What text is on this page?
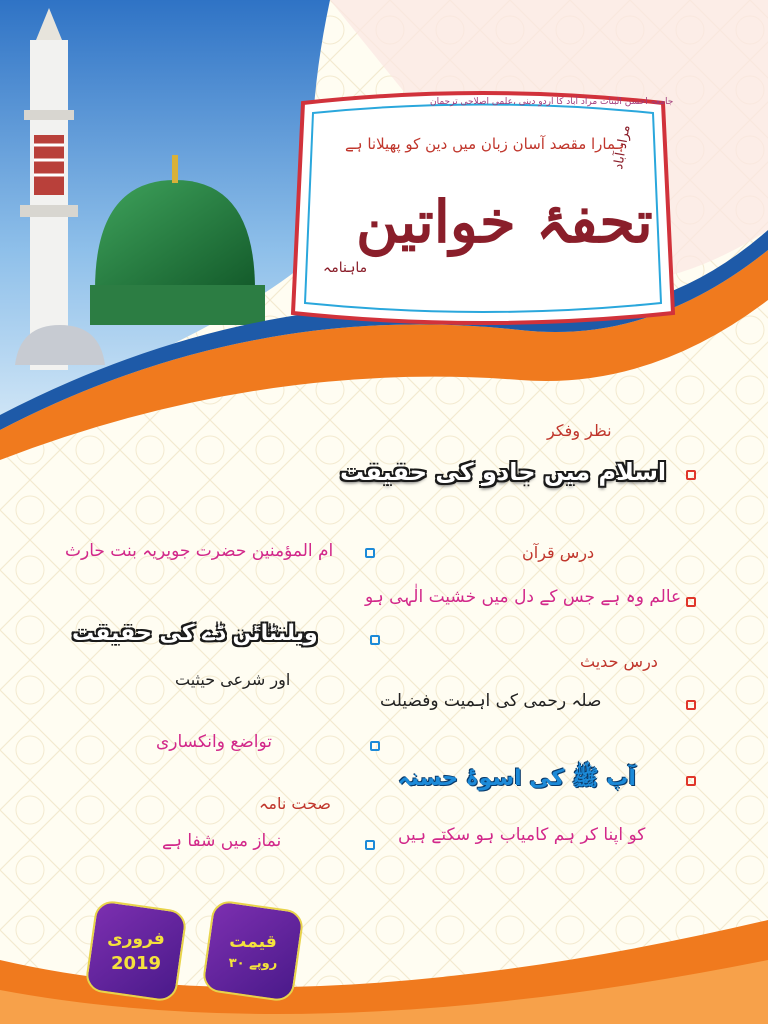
جامعہ احسن البنات مراد آباد کا اردو دینی ،علمی اصلاحی ترجمان
ہمارا مقصد آسان زبان میں دین کو پھیلانا ہے
مراد آباد
ماہنامہ
تحفۂ خواتین
نظر وفکر
اسلام میں جادو کی حقیقت
درس قرآن
ام المؤمنین حضرت جویریہ بنت حارث
عالم وہ ہے جس کے دل میں خشیت الٰہی ہو
ویلنٹائن ڈے کی حقیقت
اور شرعی حیثیت
درس حدیث
صلہ رحمی کی اہمیت وفضیلت
تواضع وانکساری
آپ ﷺ کی اسوۂ حسنہ
صحت نامہ
نماز میں شفا ہے	کو اپنا کر ہم کامیاب ہو سکتے ہیں
فروری
2019
قیمت
۳۰ روپے
